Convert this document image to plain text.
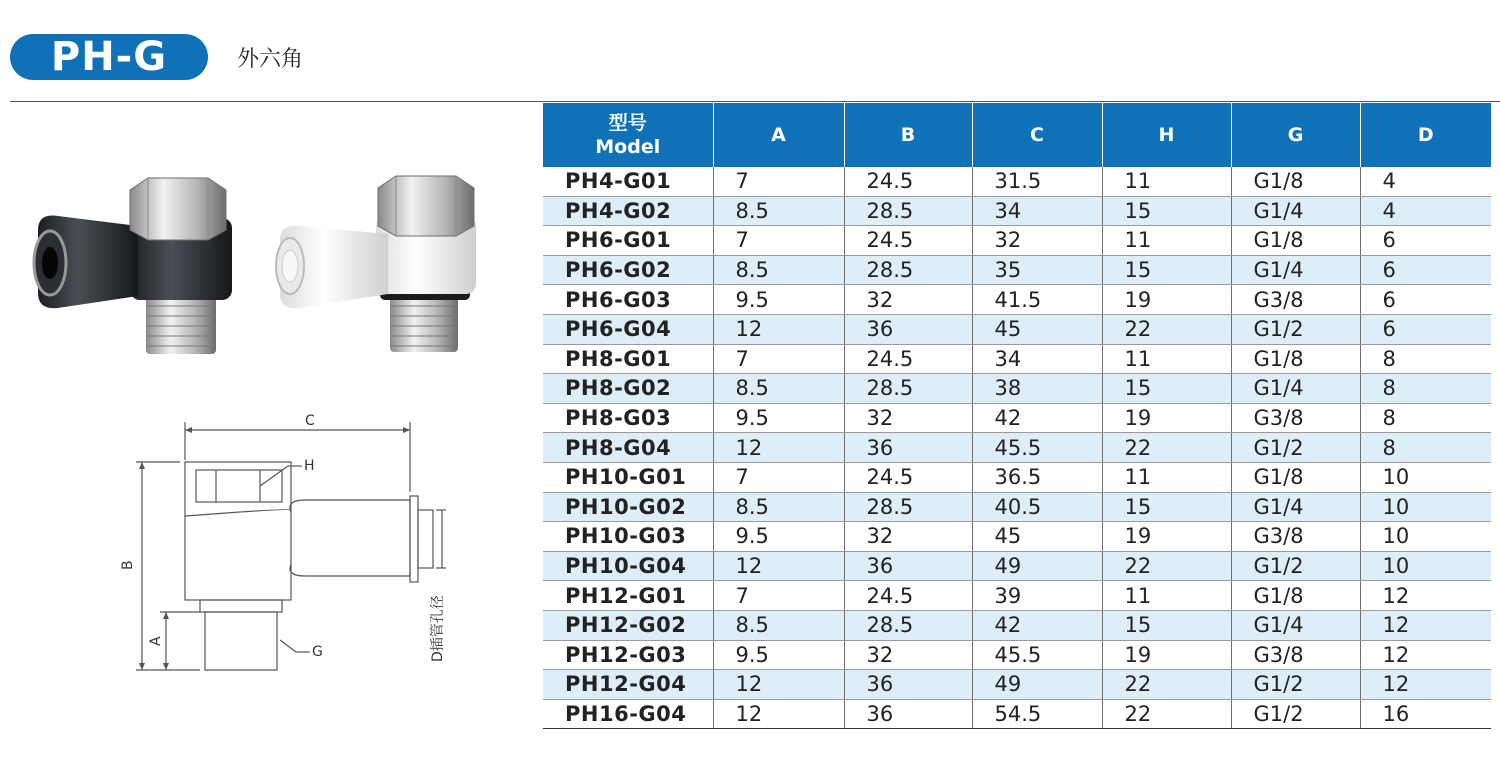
PH-G	外六角
C
H
B
A
G	D插管孔径
型号
Model	A	B	C	H	G	D
PH4-G01	7	24.5	31.5	11	G1/8	4
PH4-G02	8.5	28.5	34	15	G1/4	4
PH6-G01	7	24.5	32	11	G1/8	6
PH6-G02	8.5	28.5	35	15	G1/4	6
PH6-G03	9.5	32	41.5	19	G3/8	6
PH6-G04	12	36	45	22	G1/2	6
PH8-G01	7	24.5	34	11	G1/8	8
PH8-G02	8.5	28.5	38	15	G1/4	8
PH8-G03	9.5	32	42	19	G3/8	8
PH8-G04	12	36	45.5	22	G1/2	8
PH10-G01	7	24.5	36.5	11	G1/8	10
PH10-G02	8.5	28.5	40.5	15	G1/4	10
PH10-G03	9.5	32	45	19	G3/8	10
PH10-G04	12	36	49	22	G1/2	10
PH12-G01	7	24.5	39	11	G1/8	12
PH12-G02	8.5	28.5	42	15	G1/4	12
PH12-G03	9.5	32	45.5	19	G3/8	12
PH12-G04	12	36	49	22	G1/2	12
PH16-G04	12	36	54.5	22	G1/2	16
